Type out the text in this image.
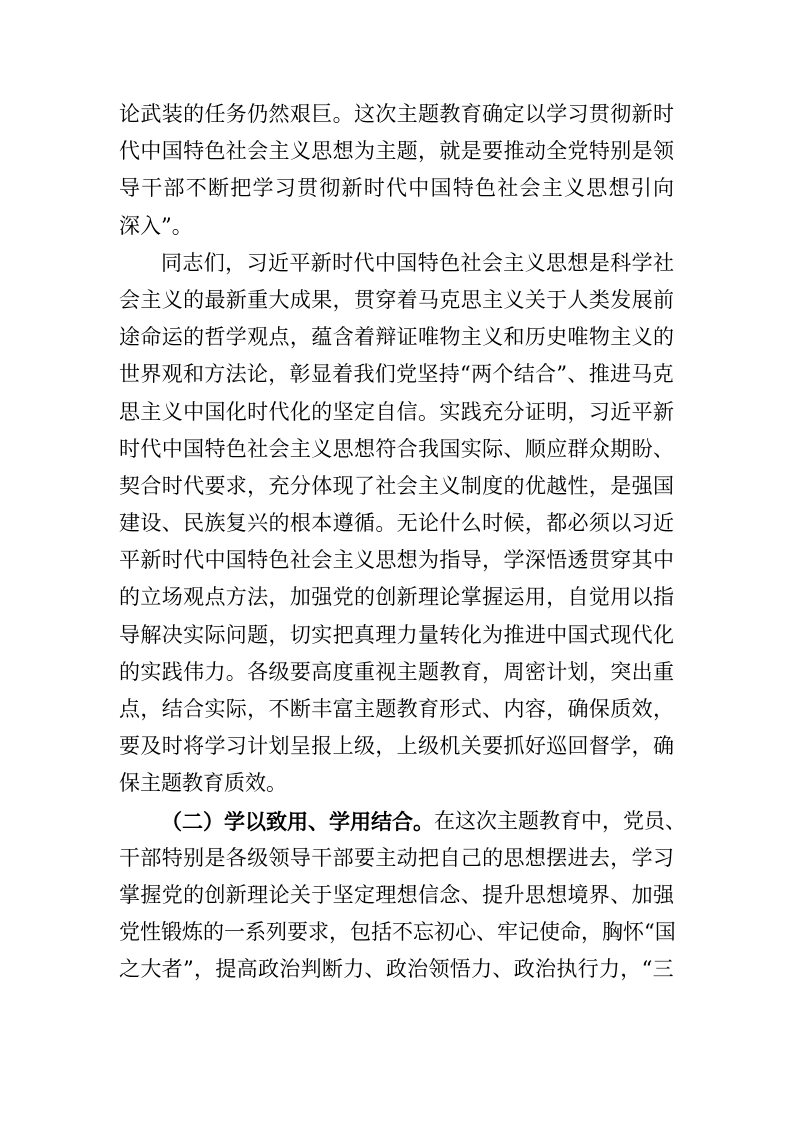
论 武 装 的 任 务 仍 然 艰 巨 。 这 次 主 题 教 育 确 定 以 学 习 贯 彻 新 时
代 中 国 特 色 社 会 主 义 思 想 为 主 题 ， 就 是 要 推 动 全 党 特 别 是 领
导 干 部 不 断 把 学 习 贯 彻 新 时 代 中 国 特 色 社 会 主 义 思 想 引 向
深入”。
同 志 们 ， 习 近 平 新 时 代 中 国 特 色 社 会 主 义 思 想 是 科 学 社
会 主 义 的 最 新 重 大 成 果 ， 贯 穿 着 马 克 思 主 义 关 于 人 类 发 展 前
途 命 运 的 哲 学 观 点 ， 蕴 含 着 辩 证 唯 物 主 义 和 历 史 唯 物 主 义 的
世 界 观 和 方 法 论 ， 彰 显 着 我 们 党 坚 持 “ 两 个 结 合 ” 、 推 进 马 克
思 主 义 中 国 化 时 代 化 的 坚 定 自 信 。 实 践 充 分 证 明 ， 习 近 平 新
时 代 中 国 特 色 社 会 主 义 思 想 符 合 我 国 实 际 、 顺 应 群 众 期 盼 、
契 合 时 代 要 求 ， 充 分 体 现 了 社 会 主 义 制 度 的 优 越 性 ， 是 强 国
建 设 、 民 族 复 兴 的 根 本 遵 循 。 无 论 什 么 时 候 ， 都 必 须 以 习 近
平 新 时 代 中 国 特 色 社 会 主 义 思 想 为 指 导 ， 学 深 悟 透 贯 穿 其 中
的 立 场 观 点 方 法 ， 加 强 党 的 创 新 理 论 掌 握 运 用 ， 自 觉 用 以 指
导 解 决 实 际 问 题 ， 切 实 把 真 理 力 量 转 化 为 推 进 中 国 式 现 代 化
的 实 践 伟 力 。 各 级 要 高 度 重 视 主 题 教 育 ， 周 密 计 划 ， 突 出 重
点 ， 结 合 实 际 ， 不 断 丰 富 主 题 教 育 形 式 、 内 容 ， 确 保 质 效 ，
要 及 时 将 学 习 计 划 呈 报 上 级 ， 上 级 机 关 要 抓 好 巡 回 督 学 ， 确
保主题教育质效。
（ 二 ） 学 以 致 用 、 学 用 结 合 。 在 这 次 主 题 教 育 中 ， 党 员 、
干 部 特 别 是 各 级 领 导 干 部 要 主 动 把 自 己 的 思 想 摆 进 去 ， 学 习
掌 握 党 的 创 新 理 论 关 于 坚 定 理 想 信 念 、 提 升 思 想 境 界 、 加 强
党 性 锻 炼 的 一 系 列 要 求 ， 包 括 不 忘 初 心 、 牢 记 使 命 ， 胸 怀 “ 国
之 大 者 ” ， 提 高 政 治 判 断 力 、 政 治 领 悟 力 、 政 治 执 行 力 ， “ 三
